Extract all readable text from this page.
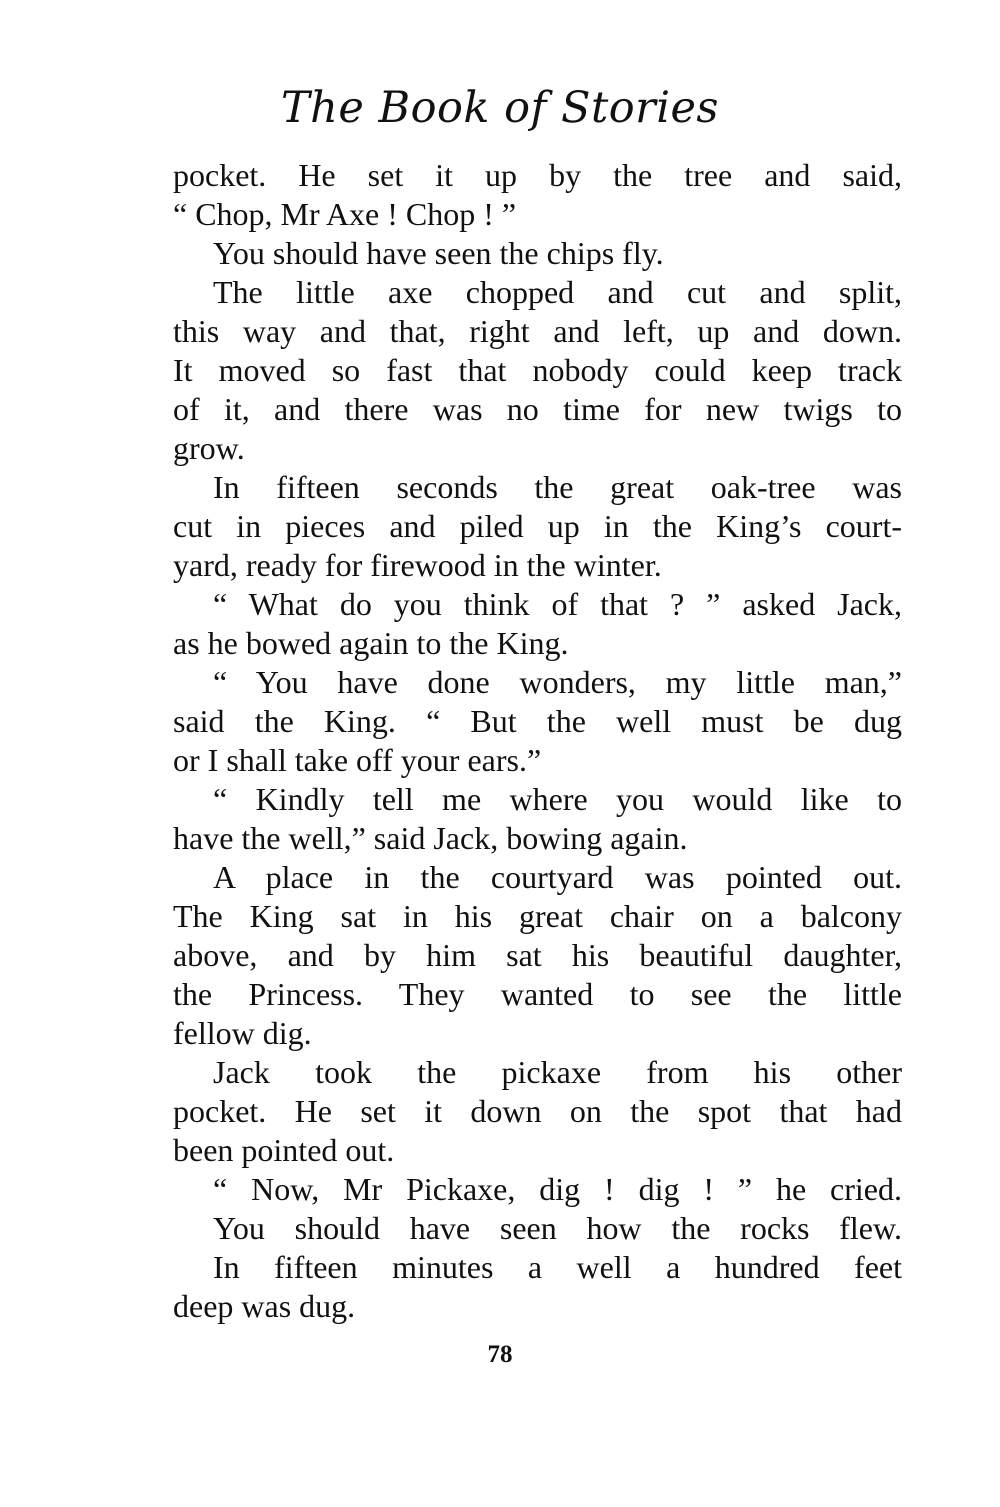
The Book of Stories
pocket. He set it up by the tree and said,
“ Chop, Mr Axe ! Chop ! ”
You should have seen the chips fly.
The little axe chopped and cut and split,
this way and that, right and left, up and down.
It moved so fast that nobody could keep track
of it, and there was no time for new twigs to
grow.
In fifteen seconds the great oak-tree was
cut in pieces and piled up in the King’s court-
yard, ready for firewood in the winter.
“ What do you think of that ? ” asked Jack,
as he bowed again to the King.
“ You have done wonders, my little man,”
said the King. “ But the well must be dug
or I shall take off your ears.”
“ Kindly tell me where you would like to
have the well,” said Jack, bowing again.
A place in the courtyard was pointed out.
The King sat in his great chair on a balcony
above, and by him sat his beautiful daughter,
the Princess. They wanted to see the little
fellow dig.
Jack took the pickaxe from his other
pocket. He set it down on the spot that had
been pointed out.
“ Now, Mr Pickaxe, dig ! dig ! ” he cried.
You should have seen how the rocks flew.
In fifteen minutes a well a hundred feet
deep was dug.
78
